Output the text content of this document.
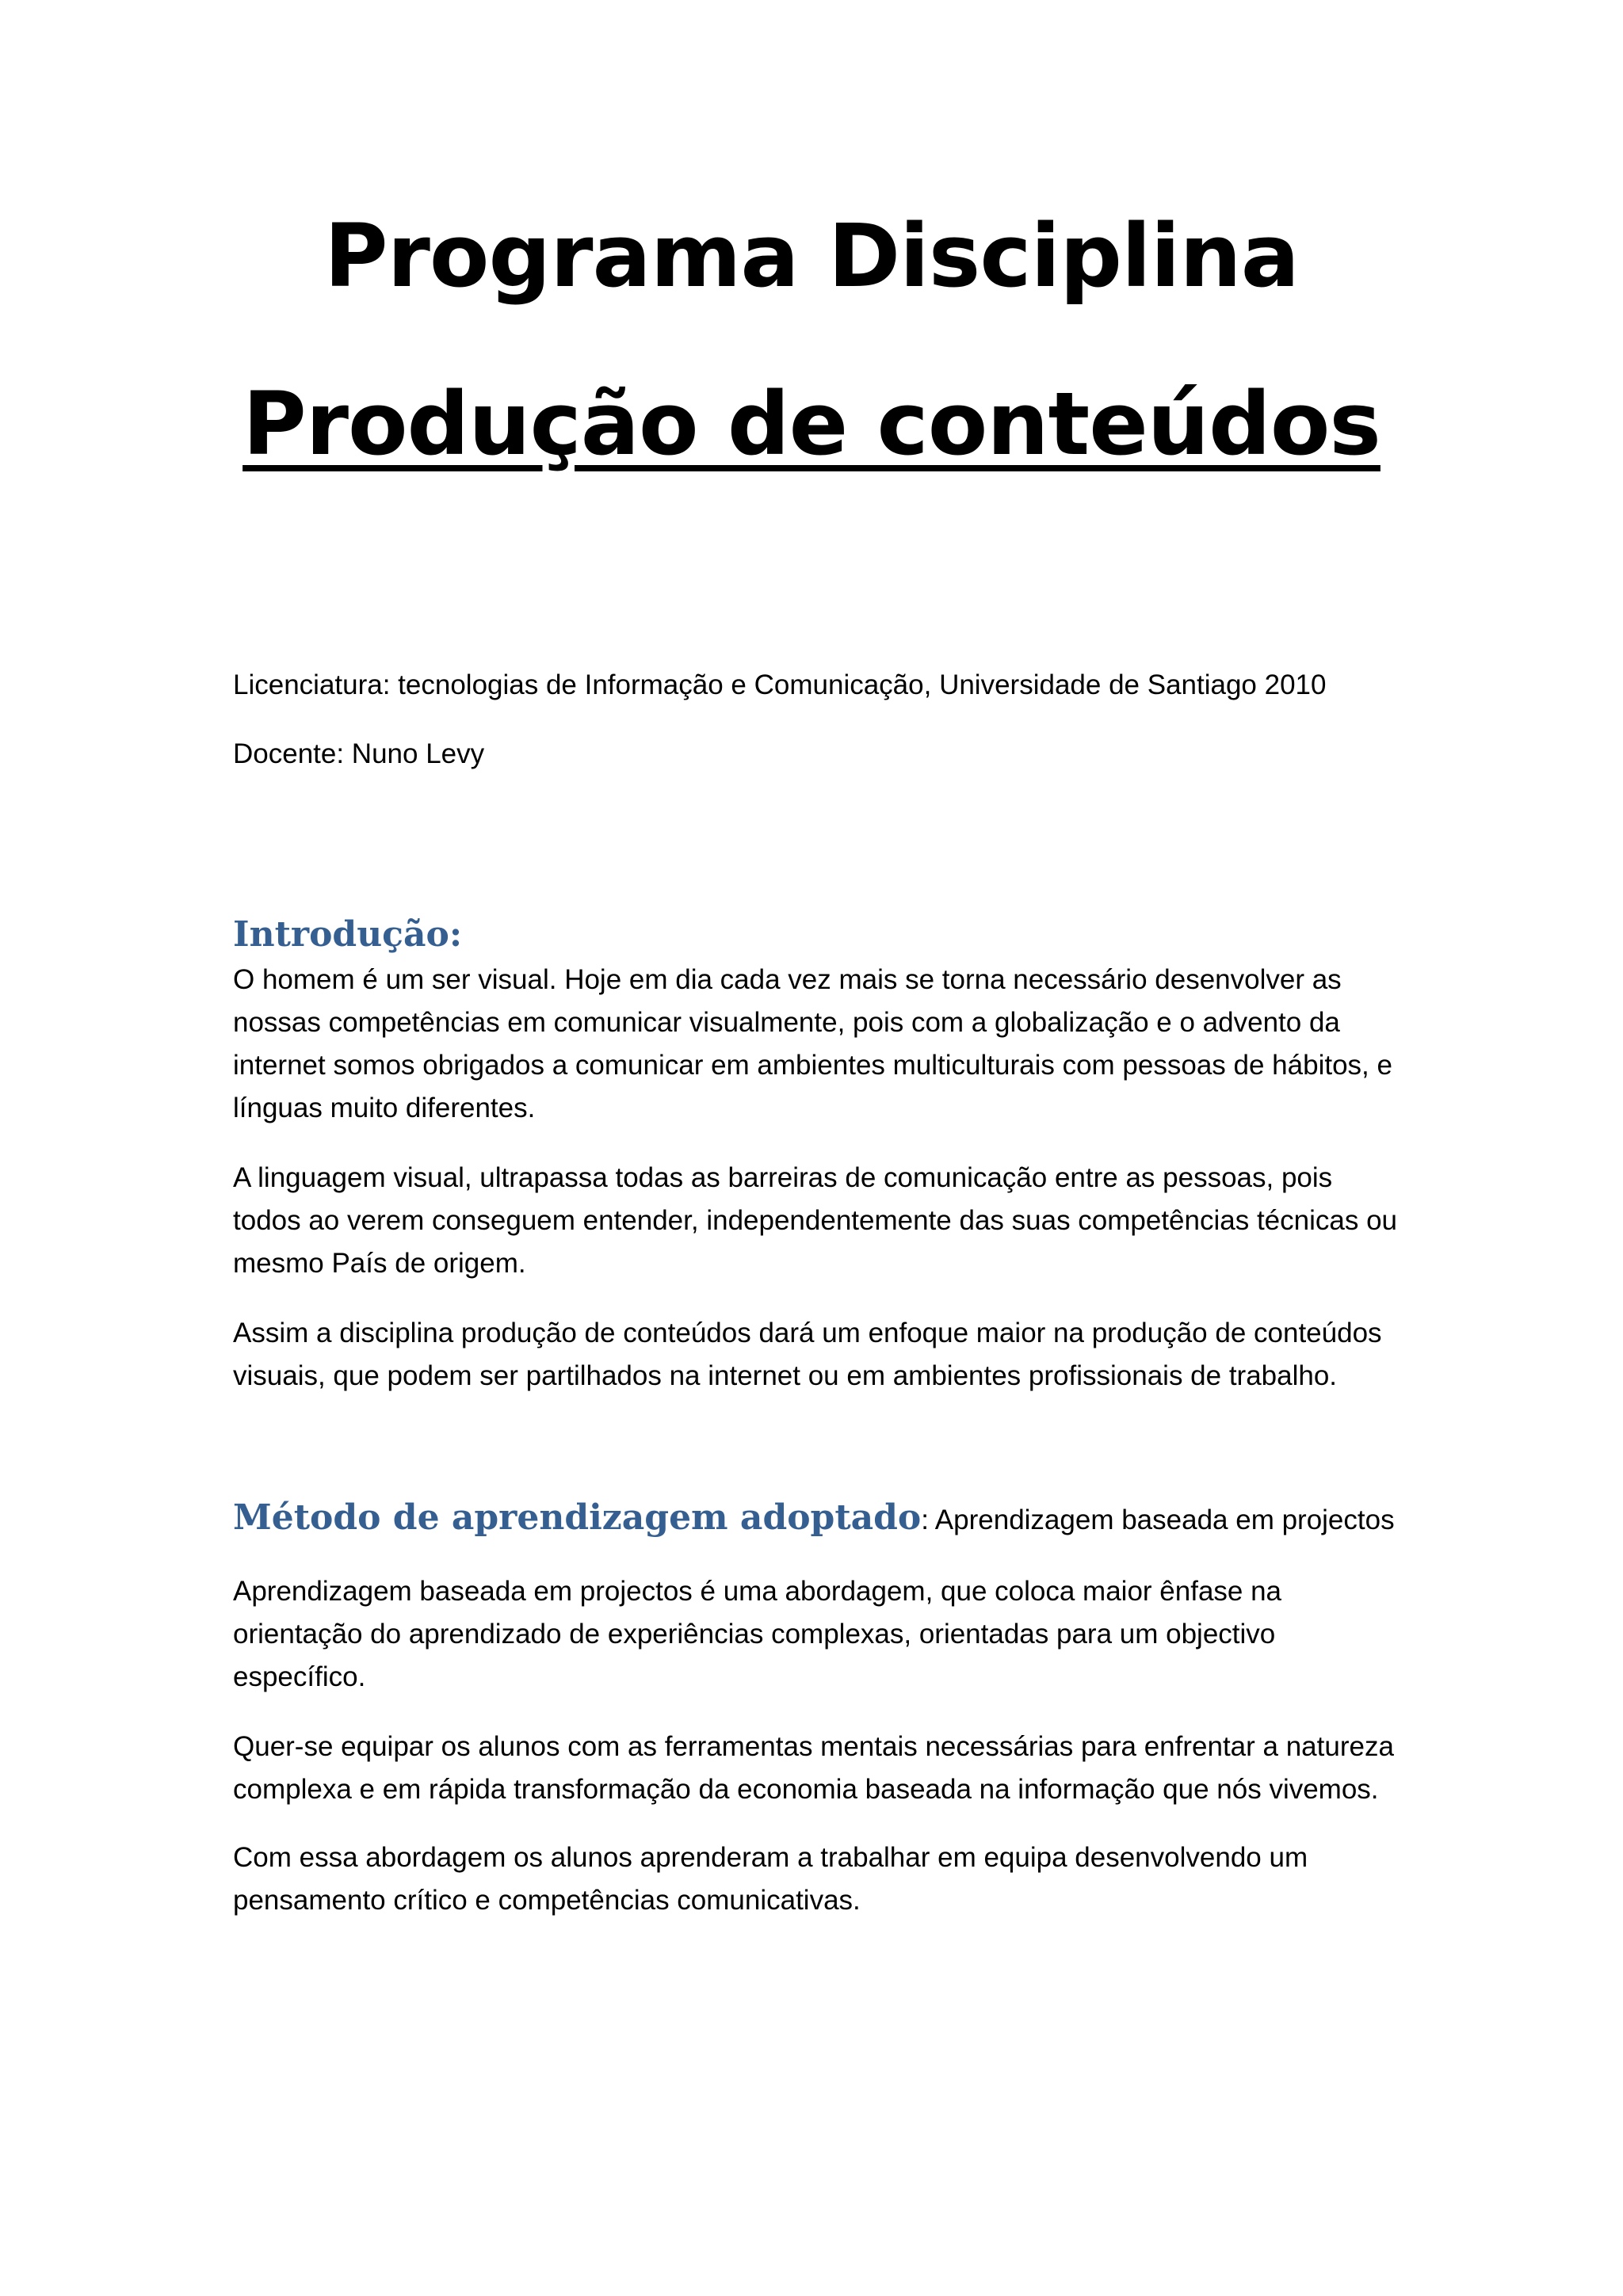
Programa Disciplina
Produção de conteúdos
Licenciatura: tecnologias de Informação e Comunicação, Universidade de Santiago 2010
Docente: Nuno Levy
Introdução:

O homem é um ser visual. Hoje em dia cada vez mais se torna necessário desenvolver as nossas competências em comunicar visualmente, pois com a globalização e o advento da internet somos obrigados a comunicar em ambientes multiculturais com pessoas de hábitos, e línguas muito diferentes.

A linguagem visual, ultrapassa todas as barreiras de comunicação entre as pessoas, pois todos ao verem conseguem entender, independentemente das suas competências técnicas ou mesmo País de origem.

Assim a disciplina produção de conteúdos dará um enfoque maior na produção de conteúdos visuais, que podem ser partilhados na internet ou em ambientes profissionais de trabalho.

Método de aprendizagem adoptado: Aprendizagem baseada em projectos

Aprendizagem baseada em projectos é uma abordagem, que coloca maior ênfase na orientação do aprendizado de experiências complexas, orientadas para um objectivo específico.

Quer-se equipar os alunos com as ferramentas mentais necessárias para enfrentar a natureza complexa e em rápida transformação da economia baseada na informação que nós vivemos.

Com essa abordagem os alunos aprenderam a trabalhar em equipa desenvolvendo um pensamento crítico e competências comunicativas.
